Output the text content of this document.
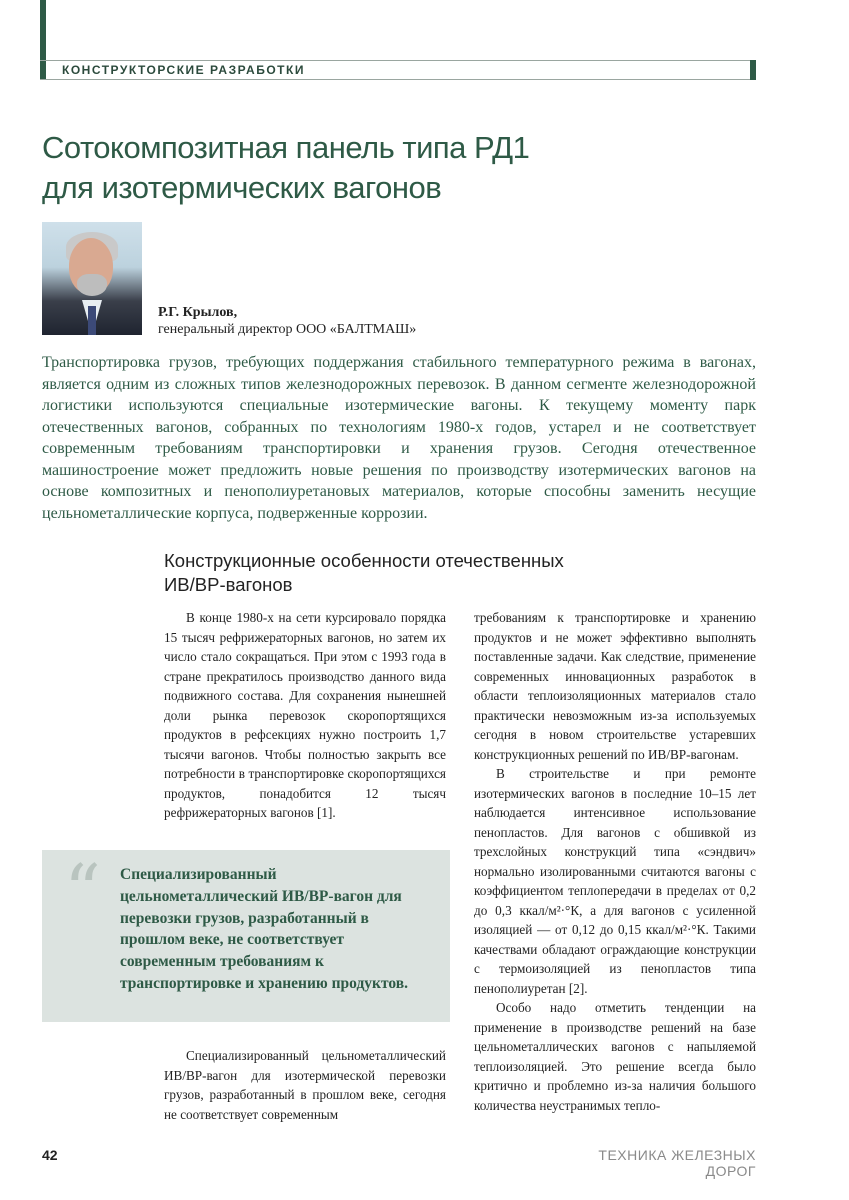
КОНСТРУКТОРСКИЕ РАЗРАБОТКИ
Сотокомпозитная панель типа РД1
для изотермических вагонов
Р.Г. Крылов,
генеральный директор ООО «БАЛТМАШ»
Транспортировка грузов, требующих поддержания стабильного температурного режима в вагонах, является одним из сложных типов железнодорожных перевозок. В данном сегменте железнодорожной логистики используются специальные изотермические вагоны. К текущему моменту парк отечественных вагонов, собранных по технологиям 1980-х годов, устарел и не соответствует современным требованиям транспортировки и хранения грузов. Сегодня отечественное машиностроение может предложить новые решения по производству изотермических вагонов на основе композитных и пенополиуретановых материалов, которые способны заменить несущие цельнометаллические корпуса, подверженные коррозии.
Конструкционные особенности отечественных
ИВ/ВР-вагонов

В конце 1980-х на сети курсировало порядка 15 тысяч рефрижераторных вагонов, но затем их число стало сокращаться. При этом с 1993 года в стране прекратилось производство данного вида подвижного состава. Для сохранения нынешней доли рынка перевозок скоропортящихся продуктов в рефсекциях нужно построить 1,7 тысячи вагонов. Чтобы полностью закрыть все потребности в транспортировке скоропортящихся продуктов, понадобится 12 тысяч рефрижераторных вагонов [1].

“ Специализированный цельнометаллический ИВ/ВР-вагон для перевозки грузов, разработанный в прошлом веке, не соответствует современным требованиям к транспортировке и хранению продуктов.

Специализированный цельнометаллический ИВ/ВР-вагон для изотермической перевозки грузов, разработанный в прошлом веке, сегодня не соответствует современным

требованиям к транспортировке и хранению продуктов и не может эффективно выполнять поставленные задачи. Как следствие, применение современных инновационных разработок в области теплоизоляционных материалов стало практически невозможным из-за используемых сегодня в новом строительстве устаревших конструкционных решений по ИВ/ВР-вагонам.

В строительстве и при ремонте изотермических вагонов в последние 10–15 лет наблюдается интенсивное использование пенопластов. Для вагонов с обшивкой из трехслойных конструкций типа «сэндвич» нормально изолированными считаются вагоны с коэффициентом теплопередачи в пределах от 0,2 до 0,3 ккал/м²·°К, а для вагонов с усиленной изоляцией — от 0,12 до 0,15 ккал/м²·°К. Такими качествами обладают ограждающие конструкции с термоизоляцией из пенопластов типа пенополиуретан [2].

Особо надо отметить тенденции на применение в производстве решений на базе цельнометаллических вагонов с напыляемой теплоизоляцией. Это решение всегда было критично и проблемно из-за наличия большого количества неустранимых тепло-

42	ТЕХНИКА ЖЕЛЕЗНЫХ ДОРОГ
